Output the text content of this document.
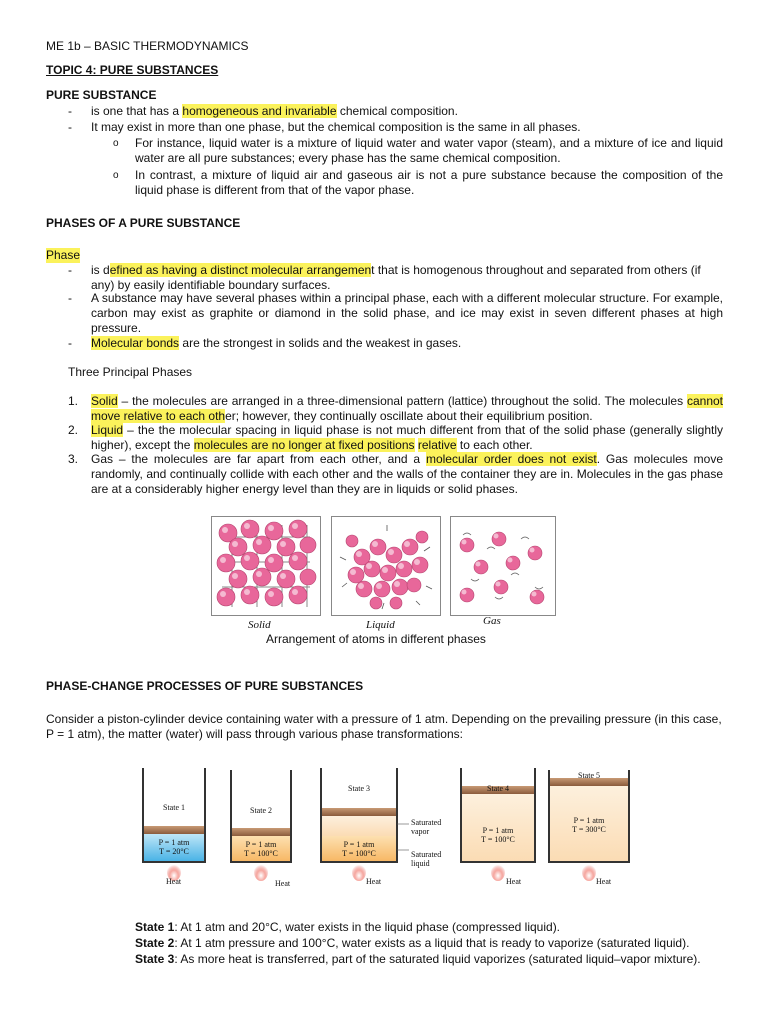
ME 1b – BASIC THERMODYNAMICS
TOPIC 4: PURE SUBSTANCES
PURE SUBSTANCE
- is one that has a homogeneous and invariable chemical composition.
- It may exist in more than one phase, but the chemical composition is the same in all phases.
o For instance, liquid water is a mixture of liquid water and water vapor (steam), and a mixture of ice and liquid water are all pure substances; every phase has the same chemical composition.
o In contrast, a mixture of liquid air and gaseous air is not a pure substance because the composition of the liquid phase is different from that of the vapor phase.
PHASES OF A PURE SUBSTANCE
Phase
- is defined as having a distinct molecular arrangement that is homogenous throughout and separated from others (if any) by easily identifiable boundary surfaces.
- A substance may have several phases within a principal phase, each with a different molecular structure. For example, carbon may exist as graphite or diamond in the solid phase, and ice may exist in seven different phases at high pressure.
- Molecular bonds are the strongest in solids and the weakest in gases.
Three Principal Phases
1. Solid – the molecules are arranged in a three-dimensional pattern (lattice) throughout the solid. The molecules cannot move relative to each other; however, they continually oscillate about their equilibrium position.
2. Liquid – the the molecular spacing in liquid phase is not much different from that of the solid phase (generally slightly higher), except the molecules are no longer at fixed positions relative to each other.
3. Gas – the molecules are far apart from each other, and a molecular order does not exist. Gas molecules move randomly, and continually collide with each other and the walls of the container they are in. Molecules in the gas phase are at a considerably higher energy level than they are in liquids or solid phases.
Solid	Liquid	Gas
Arrangement of atoms in different phases
PHASE-CHANGE PROCESSES OF PURE SUBSTANCES
Consider a piston-cylinder device containing water with a pressure of 1 atm. Depending on the prevailing pressure (in this case, P = 1 atm), the matter (water) will pass through various phase transformations:
State 1
P = 1 atm
T = 20°C
Heat
State 2
P = 1 atm
T = 100°C
Heat
State 3
P = 1 atm
T = 100°C
Heat
Saturated vapor
Saturated liquid
State 4
P = 1 atm
T = 100°C
Heat
State 5
P = 1 atm
T = 300°C
Heat
State 1: At 1 atm and 20°C, water exists in the liquid phase (compressed liquid).
State 2: At 1 atm pressure and 100°C, water exists as a liquid that is ready to vaporize (saturated liquid).
State 3: As more heat is transferred, part of the saturated liquid vaporizes (saturated liquid–vapor mixture).
